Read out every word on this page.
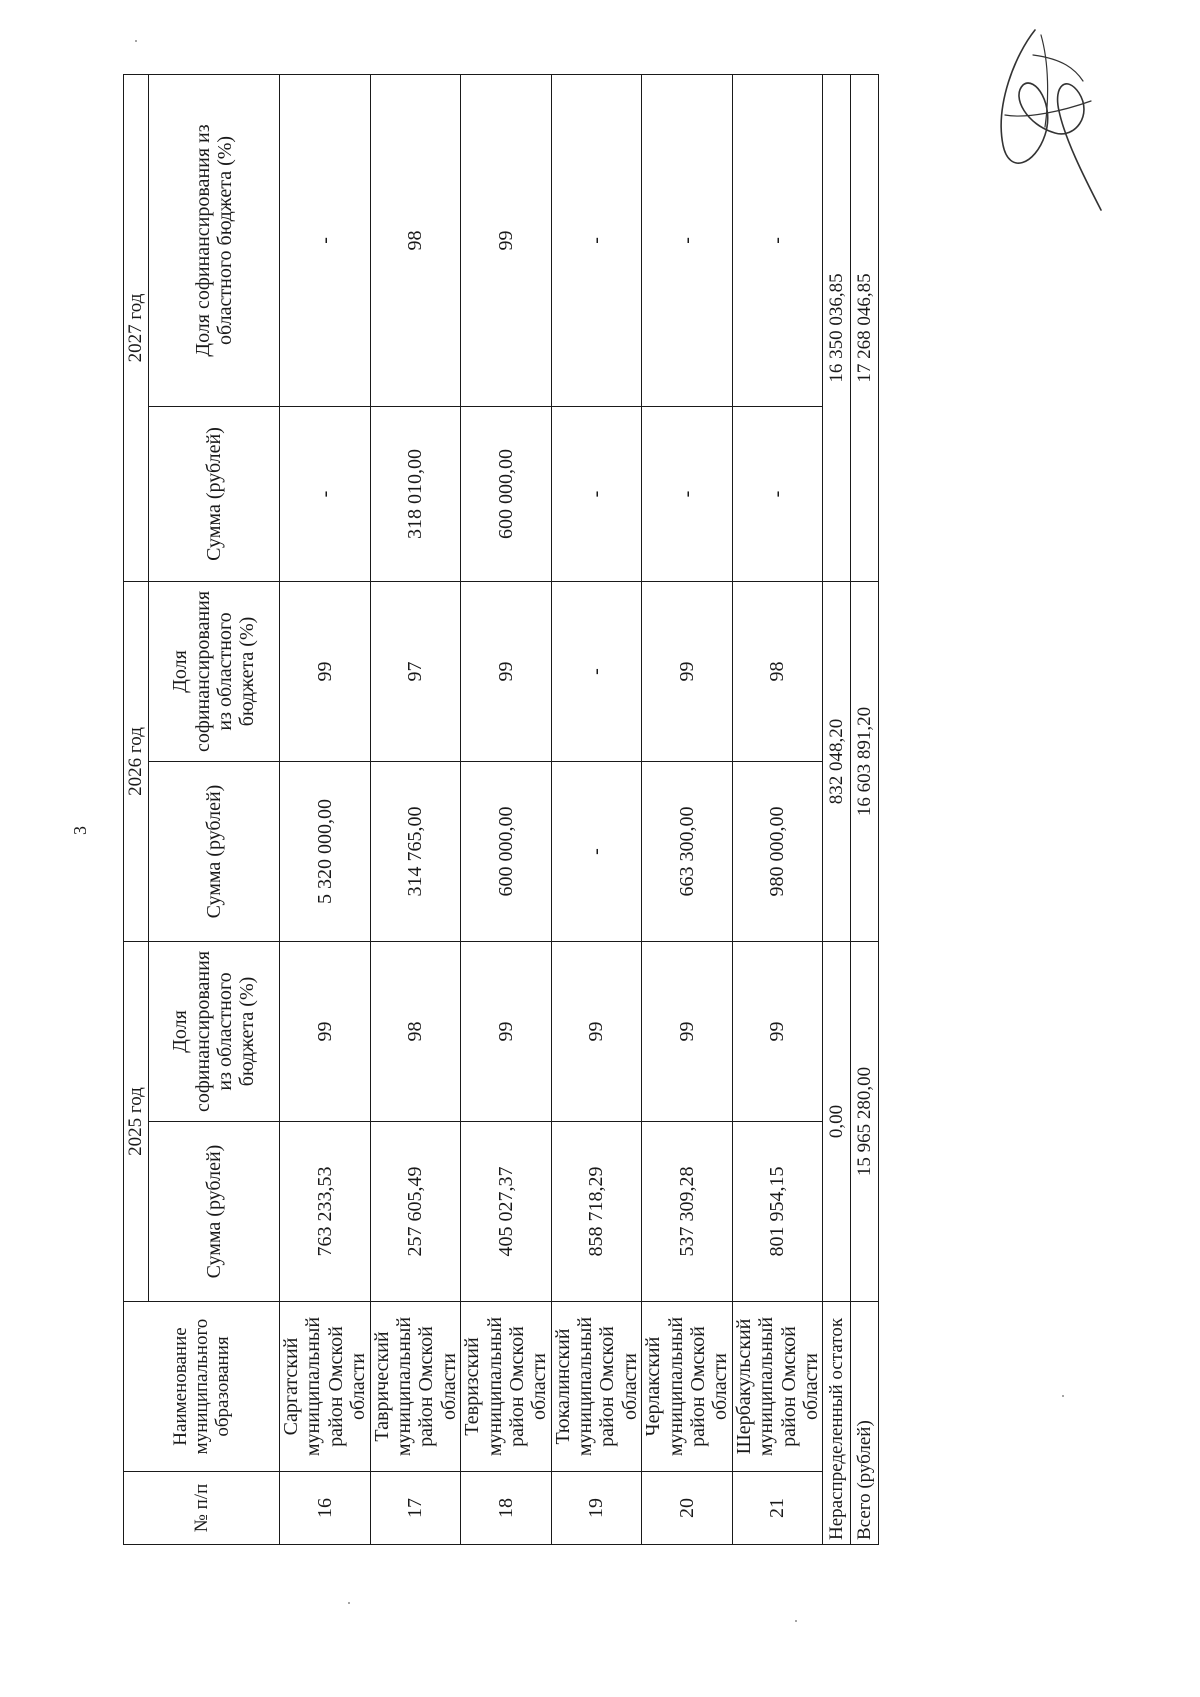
3
№ п/п	Наименование муниципального образования	2025 год		2026 год		2027 год	
		Сумма (рублей)	Доля софинансирования из областного бюджета (%)	Сумма (рублей)	Доля софинансирования из областного бюджета (%)	Сумма (рублей)	Доля софинансирования из областного бюджета (%)
16	Саргатский муниципальный район Омской области	763 233,53	99	5 320 000,00	99	-	-
17	Таврический муниципальный район Омской области	257 605,49	98	314 765,00	97	318 010,00	98
18	Тевризский муниципальный район Омской области	405 027,37	99	600 000,00	99	600 000,00	99
19	Тюкалинский муниципальный район Омской области	858 718,29	99	-	-	-	-
20	Черлакский муниципальный район Омской области	537 309,28	99	663 300,00	99	-	-
21	Шербакульский муниципальный район Омской области	801 954,15	99	980 000,00	98	-	-
Нераспределенный остаток		0,00		832 048,20		16 350 036,85	
Всего (рублей)		15 965 280,00		16 603 891,20		17 268 046,85	
